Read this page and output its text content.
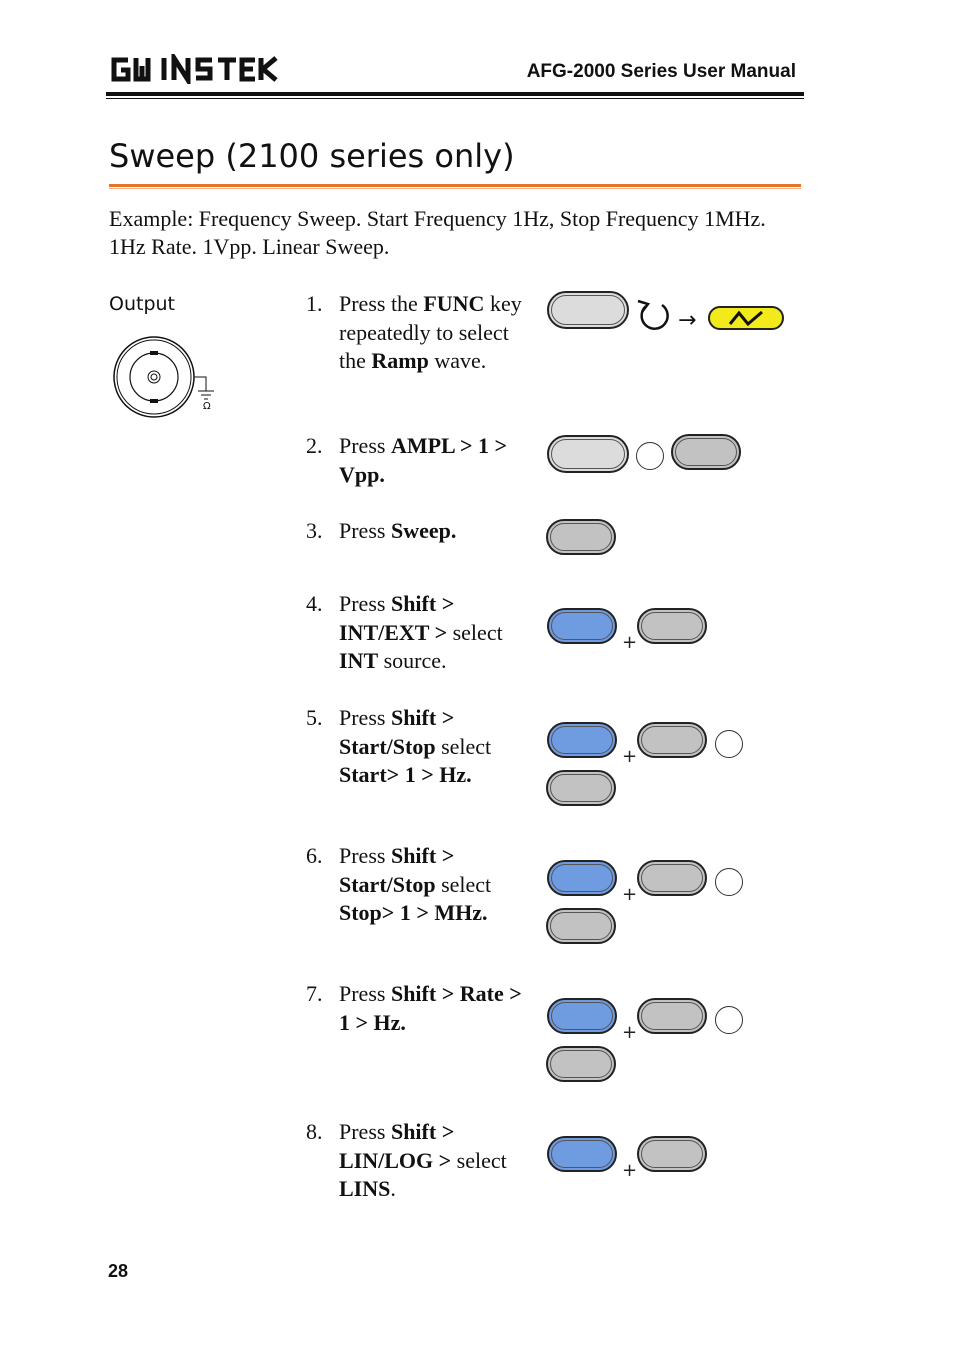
AFG-2000 Series User Manual
Sweep (2100 series only)
Example: Frequency Sweep. Start Frequency 1Hz, Stop Frequency 1MHz. 1Hz Rate. 1Vpp. Linear Sweep.
Output
Ω
1. Press the FUNC key repeatedly to select the Ramp wave.
2. Press AMPL > 1 > Vpp.
3. Press Sweep.
4. Press Shift > INT/EXT > select INT source.
5. Press Shift > Start/Stop select Start> 1 > Hz.
6. Press Shift > Start/Stop select Stop> 1 > MHz.
7. Press Shift > Rate > 1 > Hz.
8. Press Shift > LIN/LOG > select LINS.
→
+
+
+
+
+
28
